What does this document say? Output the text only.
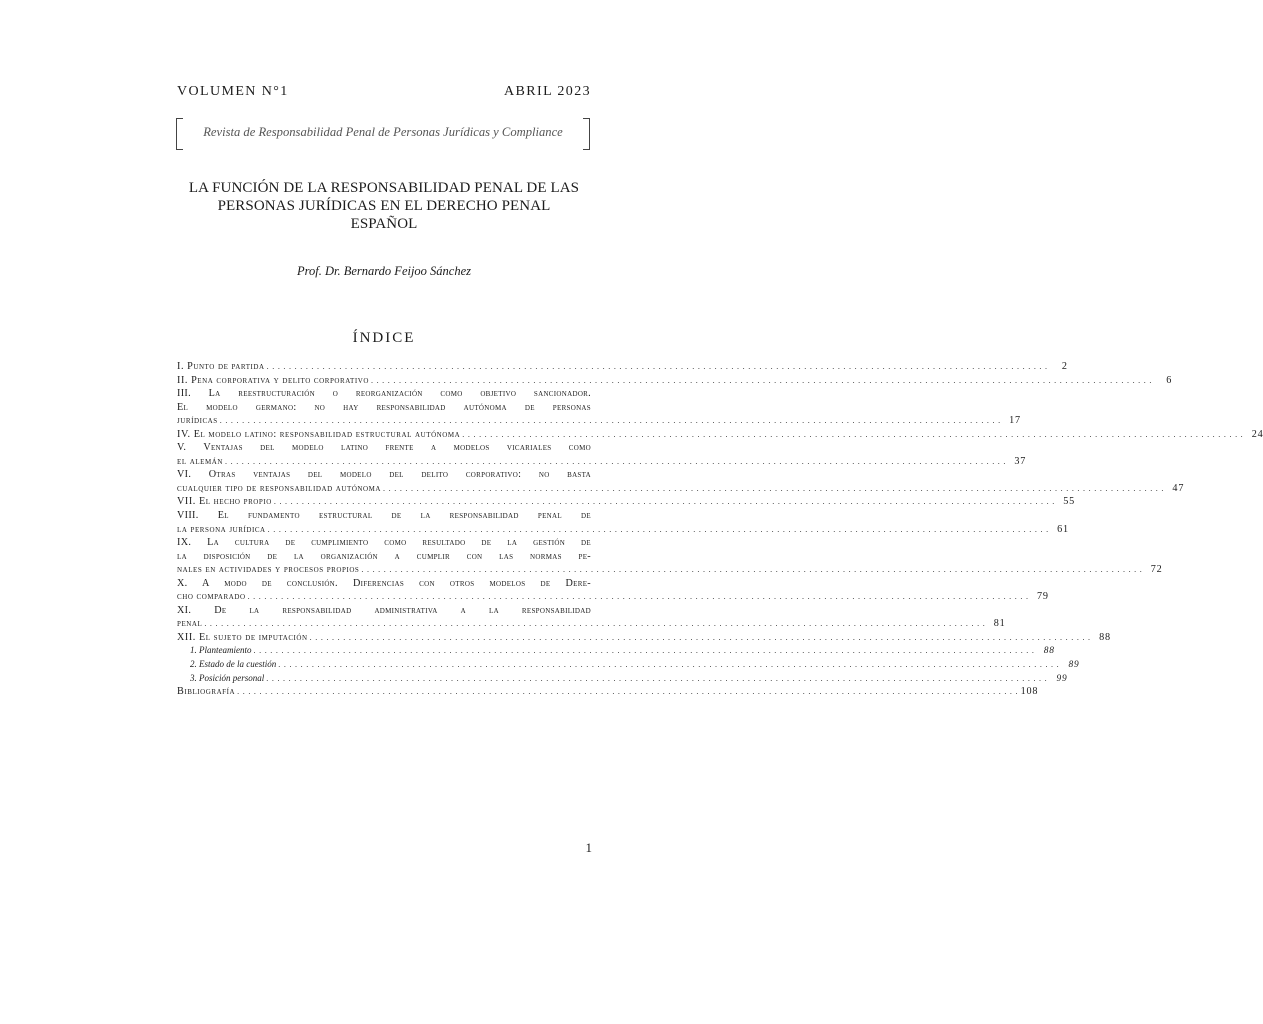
VOLUMEN N°1	ABRIL 2023
Revista de Responsabilidad Penal de Personas Jurídicas y Compliance
LA FUNCIÓN DE LA RESPONSABILIDAD PENAL DE LAS
PERSONAS JURÍDICAS EN EL DERECHO PENAL
ESPAÑOL
Prof. Dr. Bernardo Feijoo Sánchez
ÍNDICE
I. Punto de partida . . . . . . . . . . . . . . . . . . . . . . . . . . . . . . . . . . . . . . . . . . . . . . . . . . . . . . . . . . . . . . . . . . . . . . . . . . . . . . . . . . . . . . . . . . . . . . . . . . . . . . . . . . . . . . . . . . . . . . . . . . . . . . . . . . . . . . . . . . . .	2
II. Pena corporativa y delito corporativo . . . . . . . . . . . . . . . . . . . . . . . . . . . . . . . . . . . . . . . . . . . . . . . . . . . . . . . . . . . . . . . . . . . . . . . . . . . . . . . . . . . . . . . . . . . . . . . . . . . . . . . . . . . . . . . . . . . . . . . . . . . . . . . . . . . . . . . . . . . .	6
III. La reestructuración o reorganización como objetivo sancionador.
El modelo germano: no hay responsabilidad autónoma de personas
jurídicas . . . . . . . . . . . . . . . . . . . . . . . . . . . . . . . . . . . . . . . . . . . . . . . . . . . . . . . . . . . . . . . . . . . . . . . . . . . . . . . . . . . . . . . . . . . . . . . . . . . . . . . . . . . . . . . . . . . . . . . . . . . . . . . . . . . . . . . . . . . . 17
IV. El modelo latino: responsabilidad estructural autónoma . . . . . . . . . . . . . . . . . . . . . . . . . . . . . . . . . . . . . . . . . . . . . . . . . . . . . . . . . . . . . . . . . . . . . . . . . . . . . . . . . . . . . . . . . . . . . . . . . . . . . . . . . . . . . . . . . . . . . . . . . . . . . . . . . . . . . . . . . . . . 24
V. Ventajas del modelo latino frente a modelos vicariales como
el alemán . . . . . . . . . . . . . . . . . . . . . . . . . . . . . . . . . . . . . . . . . . . . . . . . . . . . . . . . . . . . . . . . . . . . . . . . . . . . . . . . . . . . . . . . . . . . . . . . . . . . . . . . . . . . . . . . . . . . . . . . . . . . . . . . . . . . . . . . . . . . 37
VI. Otras ventajas del modelo del delito corporativo: no basta
cualquier tipo de responsabilidad autónoma . . . . . . . . . . . . . . . . . . . . . . . . . . . . . . . . . . . . . . . . . . . . . . . . . . . . . . . . . . . . . . . . . . . . . . . . . . . . . . . . . . . . . . . . . . . . . . . . . . . . . . . . . . . . . . . . . . . . . . . . . . . . . . . . . . . . . . . . . . . . 47
VII. El hecho propio . . . . . . . . . . . . . . . . . . . . . . . . . . . . . . . . . . . . . . . . . . . . . . . . . . . . . . . . . . . . . . . . . . . . . . . . . . . . . . . . . . . . . . . . . . . . . . . . . . . . . . . . . . . . . . . . . . . . . . . . . . . . . . . . . . . . . . . . . . . . 55
VIII. El fundamento estructural de la responsabilidad penal de
la persona jurídica . . . . . . . . . . . . . . . . . . . . . . . . . . . . . . . . . . . . . . . . . . . . . . . . . . . . . . . . . . . . . . . . . . . . . . . . . . . . . . . . . . . . . . . . . . . . . . . . . . . . . . . . . . . . . . . . . . . . . . . . . . . . . . . . . . . . . . . . . . . . 61
IX. La cultura de cumplimiento como resultado de la gestión de
la disposición de la organización a cumplir con las normas pe-
nales en actividades y procesos propios . . . . . . . . . . . . . . . . . . . . . . . . . . . . . . . . . . . . . . . . . . . . . . . . . . . . . . . . . . . . . . . . . . . . . . . . . . . . . . . . . . . . . . . . . . . . . . . . . . . . . . . . . . . . . . . . . . . . . . . . . . . . . . . . . . . . . . . . . . . . 72
X. A modo de conclusión. Diferencias con otros modelos de Dere-
cho comparado . . . . . . . . . . . . . . . . . . . . . . . . . . . . . . . . . . . . . . . . . . . . . . . . . . . . . . . . . . . . . . . . . . . . . . . . . . . . . . . . . . . . . . . . . . . . . . . . . . . . . . . . . . . . . . . . . . . . . . . . . . . . . . . . . . . . . . . . . . . . 79
XI. De la responsabilidad administrativa a la responsabilidad
penal . . . . . . . . . . . . . . . . . . . . . . . . . . . . . . . . . . . . . . . . . . . . . . . . . . . . . . . . . . . . . . . . . . . . . . . . . . . . . . . . . . . . . . . . . . . . . . . . . . . . . . . . . . . . . . . . . . . . . . . . . . . . . . . . . . . . . . . . . . . . 81
XII. El sujeto de imputación . . . . . . . . . . . . . . . . . . . . . . . . . . . . . . . . . . . . . . . . . . . . . . . . . . . . . . . . . . . . . . . . . . . . . . . . . . . . . . . . . . . . . . . . . . . . . . . . . . . . . . . . . . . . . . . . . . . . . . . . . . . . . . . . . . . . . . . . . . . . 88
1. Planteamiento . . . . . . . . . . . . . . . . . . . . . . . . . . . . . . . . . . . . . . . . . . . . . . . . . . . . . . . . . . . . . . . . . . . . . . . . . . . . . . . . . . . . . . . . . . . . . . . . . . . . . . . . . . . . . . . . . . . . . . . . . . . . . . . . . . . . . . . . . . . . 88
2. Estado de la cuestión . . . . . . . . . . . . . . . . . . . . . . . . . . . . . . . . . . . . . . . . . . . . . . . . . . . . . . . . . . . . . . . . . . . . . . . . . . . . . . . . . . . . . . . . . . . . . . . . . . . . . . . . . . . . . . . . . . . . . . . . . . . . . . . . . . . . . . . . . . . . 89
3. Posición personal . . . . . . . . . . . . . . . . . . . . . . . . . . . . . . . . . . . . . . . . . . . . . . . . . . . . . . . . . . . . . . . . . . . . . . . . . . . . . . . . . . . . . . . . . . . . . . . . . . . . . . . . . . . . . . . . . . . . . . . . . . . . . . . . . . . . . . . . . . . . 99
Bibliografía . . . . . . . . . . . . . . . . . . . . . . . . . . . . . . . . . . . . . . . . . . . . . . . . . . . . . . . . . . . . . . . . . . . . . . . . . . . . . . . . . . . . . . . . . . . . . . . . . . . . . . . . . . . . . . . . . . . . . . . . . . . . . . . . . . . . . . . . . . . . 108
1
